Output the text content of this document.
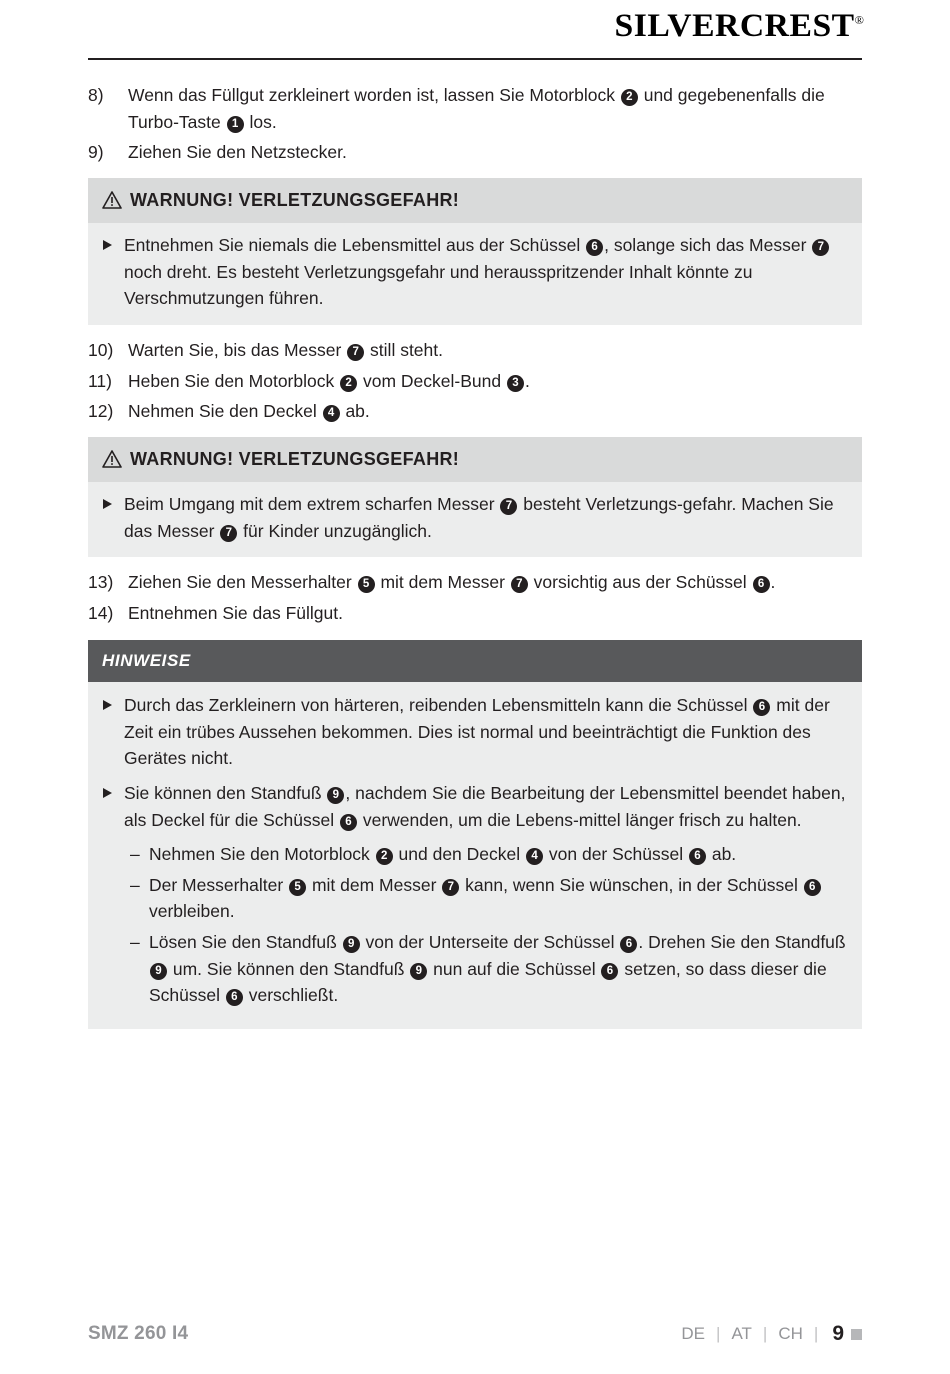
SILVERCREST®
8)	Wenn das Füllgut zerkleinert worden ist, lassen Sie Motorblock 2 und gegebenenfalls die Turbo-Taste 1 los.
9)	Ziehen Sie den Netzstecker.
WARNUNG! VERLETZUNGSGEFAHR!
Entnehmen Sie niemals die Lebensmittel aus der Schüssel 6 , solange sich das Messer 7 noch dreht. Es besteht Verletzungsgefahr und herausspritzender Inhalt könnte zu Verschmutzungen führen.
10) Warten Sie, bis das Messer 7 still steht.
11) Heben Sie den Motorblock 2 vom Deckel-Bund 3 .
12) Nehmen Sie den Deckel 4 ab.
WARNUNG! VERLETZUNGSGEFAHR!
Beim Umgang mit dem extrem scharfen Messer 7 besteht Verletzungs-gefahr. Machen Sie das Messer 7 für Kinder unzugänglich.
13) Ziehen Sie den Messerhalter 5 mit dem Messer 7 vorsichtig aus der Schüssel 6 .
14) Entnehmen Sie das Füllgut.
HINWEISE
Durch das Zerkleinern von härteren, reibenden Lebensmitteln kann die Schüssel 6 mit der Zeit ein trübes Aussehen bekommen. Dies ist normal und beeinträchtigt die Funktion des Gerätes nicht.
Sie können den Standfuß 9 , nachdem Sie die Bearbeitung der Lebensmittel beendet haben, als Deckel für die Schüssel 6 verwenden, um die Lebens-mittel länger frisch zu halten.
– Nehmen Sie den Motorblock 2 und den Deckel 4 von der Schüssel 6 ab.
– Der Messerhalter 5 mit dem Messer 7 kann, wenn Sie wünschen, in der Schüssel 6 verbleiben.
– Lösen Sie den Standfuß 9 von der Unterseite der Schüssel 6 . Drehen Sie den Standfuß 9 um. Sie können den Standfuß 9 nun auf die Schüssel 6 setzen, so dass dieser die Schüssel 6 verschließt.
SMZ 260 I4	DE | AT | CH | 9
